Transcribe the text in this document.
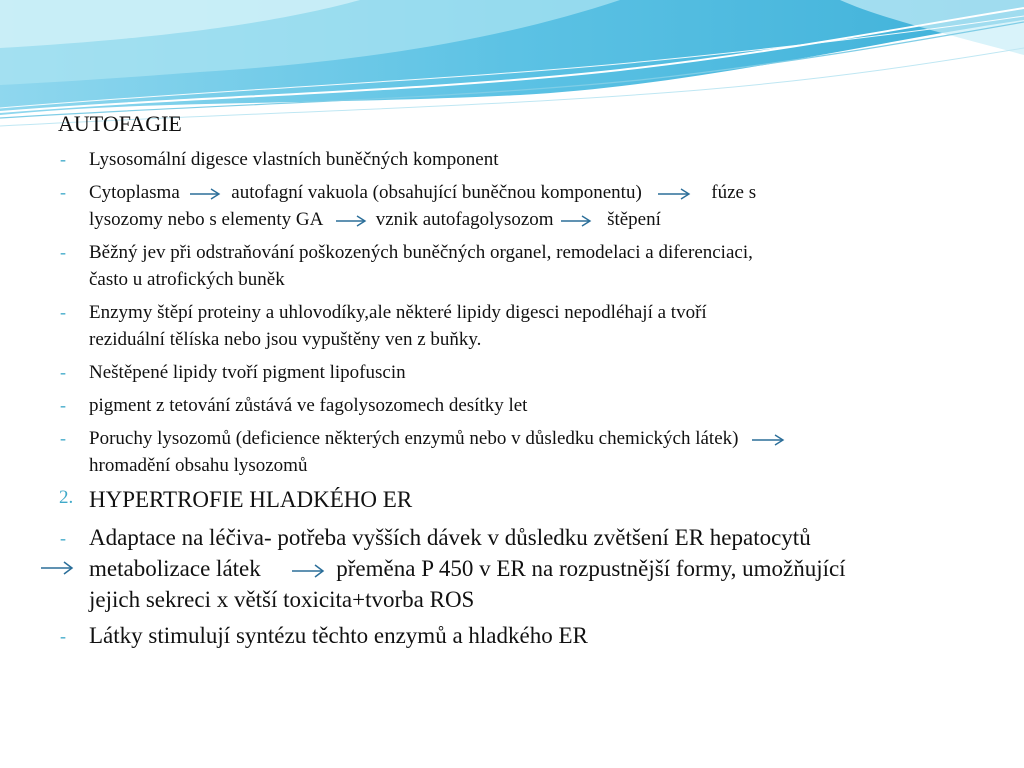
AUTOFAGIE
- Lysosomální digesce vlastních buněčných komponent
- Cytoplasma	autofagní vakuola (obsahující buněčnou komponentu)	fúze s
lysozomy nebo s elementy GA	vznik autofagolysozom	štěpení
- Běžný jev při odstraňování poškozených buněčných organel, remodelaci a diferenciaci,
často u atrofických buněk
- Enzymy štěpí proteiny a uhlovodíky,ale některé lipidy digesci nepodléhají a tvoří
reziduální tělíska nebo jsou vypuštěny ven z buňky.
- Neštěpené lipidy tvoří pigment lipofuscin
- pigment z tetování zůstává ve fagolysozomech desítky let
- Poruchy lysozomů (deficience některých enzymů nebo v důsledku chemických látek)
hromadění obsahu lysozomů
2. HYPERTROFIE HLADKÉHO ER
- Adaptace na léčiva- potřeba vyšších dávek v důsledku zvětšení ER hepatocytů
metabolizace látek	přeměna P 450 v ER na rozpustnější formy, umožňující
jejich sekreci x větší toxicita+tvorba ROS
- Látky stimulují syntézu těchto enzymů a hladkého ER
